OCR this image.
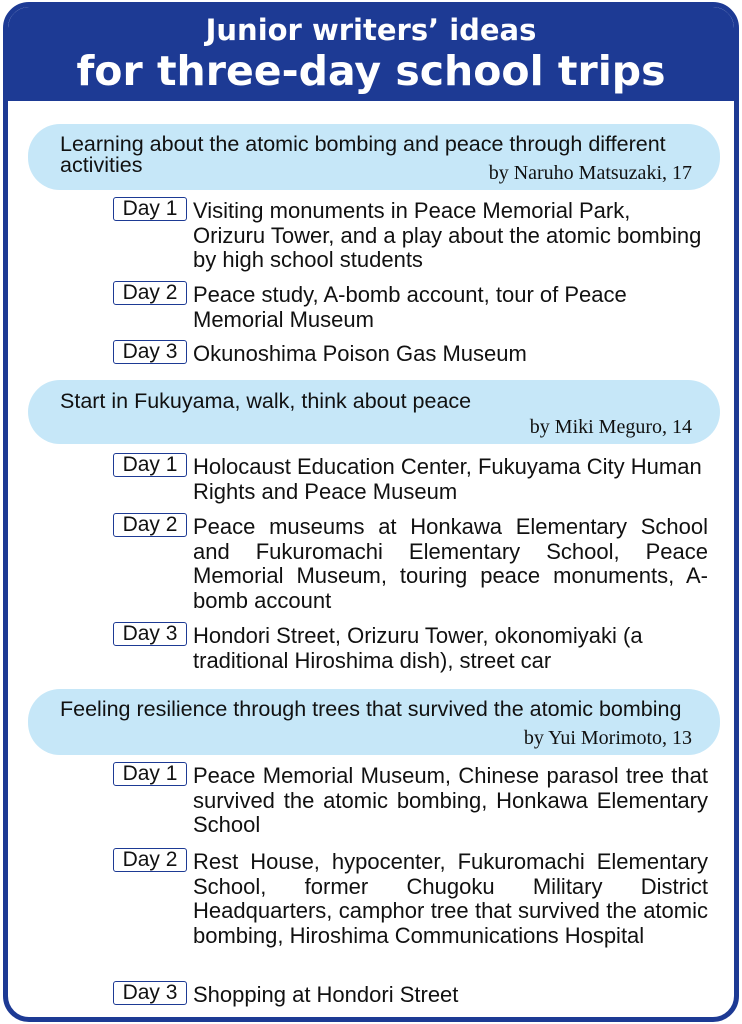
Junior writers’ ideas
for three-day school trips
Learning about the atomic bombing and peace through different activities	by Naruho Matsuzaki, 17
Day 1 Visiting monuments in Peace Memorial Park, Orizuru Tower, and a play about the atomic bombing by high school students
Day 2 Peace study, A-bomb account, tour of Peace Memorial Museum
Day 3 Okunoshima Poison Gas Museum
Start in Fukuyama, walk, think about peace
by Miki Meguro, 14
Day 1 Holocaust Education Center, Fukuyama City Human Rights and Peace Museum
Day 2 Peace museums at Honkawa Elementary School and Fukuromachi Elementary School, Peace Memorial Museum, touring peace monuments, A-bomb account
Day 3 Hondori Street, Orizuru Tower, okonomiyaki (a traditional Hiroshima dish), street car
Feeling resilience through trees that survived the atomic bombing
by Yui Morimoto, 13
Day 1 Peace Memorial Museum, Chinese parasol tree that survived the atomic bombing, Honkawa Elementary School
Day 2 Rest House, hypocenter, Fukuromachi Elementary School, former Chugoku Military District Headquarters, camphor tree that survived the atomic bombing, Hiroshima Communications Hospital
Day 3 Shopping at Hondori Street
